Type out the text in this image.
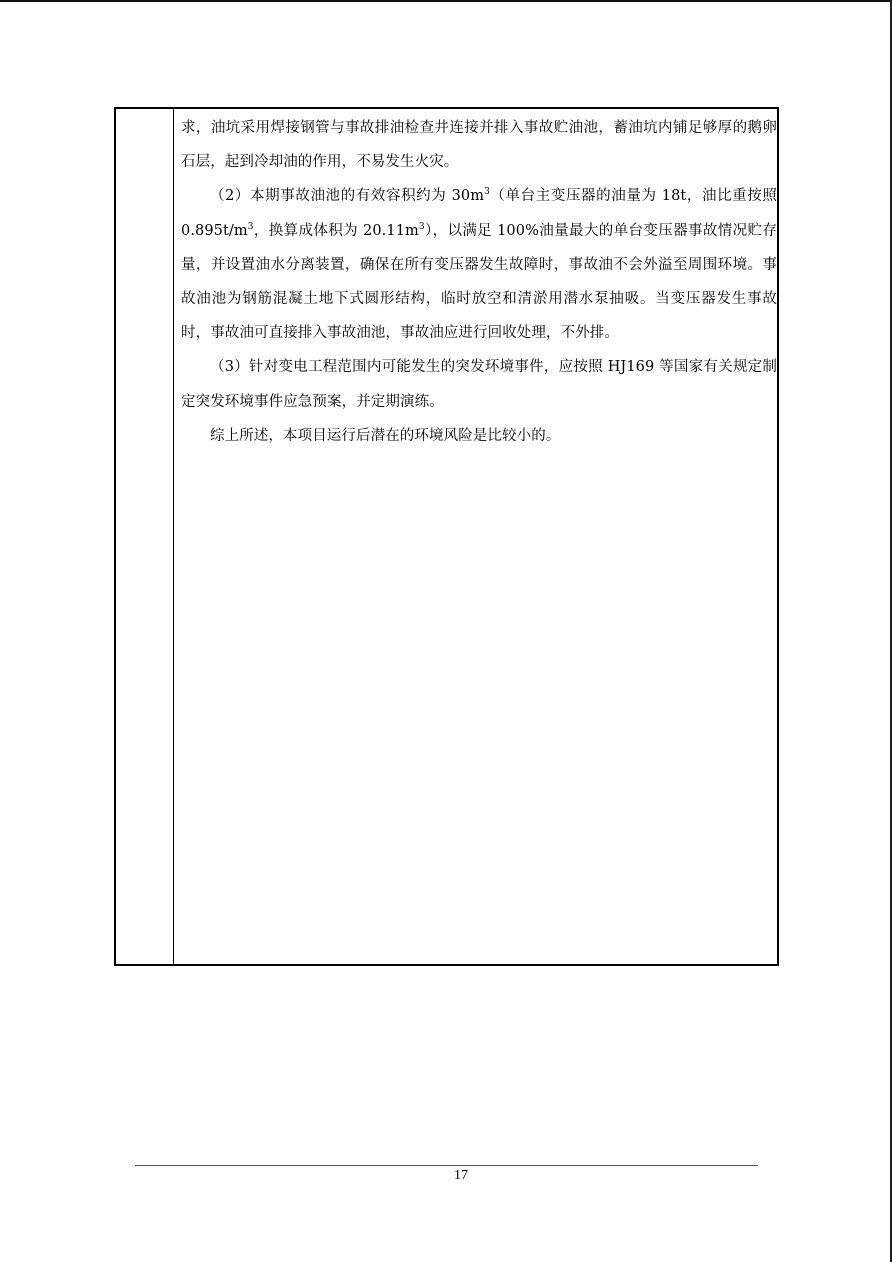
求，油坑采用焊接钢管与事故排油检查井连接并排入事故贮油池，蓄油坑内铺足够厚的鹅卵石层，起到冷却油的作用，不易发生火灾。

（2）本期事故油池的有效容积约为 $30m^3$（单台主变压器的油量为 18t，油比重按照 $0.895t/m^3$，换算成体积为 $20.11m^3$），以满足 100%油量最大的单台变压器事故情况贮存量，并设置油水分离装置，确保在所有变压器发生故障时，事故油不会外溢至周围环境。事故油池为钢筋混凝土地下式圆形结构，临时放空和清淤用潜水泵抽吸。当变压器发生事故时，事故油可直接排入事故油池，事故油应进行回收处理，不外排。

（3）针对变电工程范围内可能发生的突发环境事件，应按照 HJ169 等国家有关规定制定突发环境事件应急预案，并定期演练。

综上所述，本项目运行后潜在的环境风险是比较小的。

17
